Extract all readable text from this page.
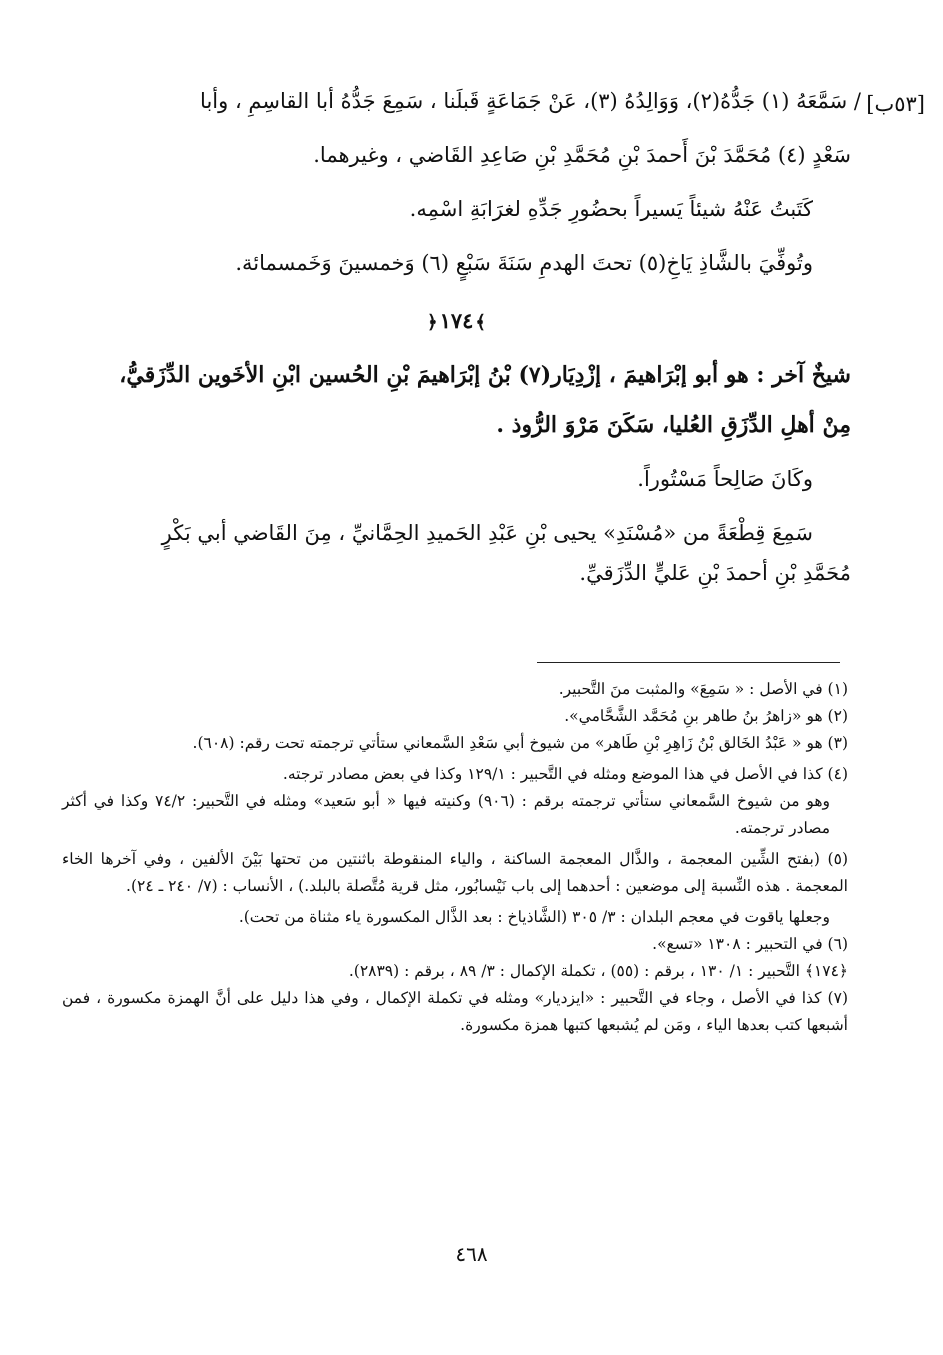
[٥٣ب]

/ سَمَّعَهُ (١) جَدُّهُ(٢)، وَوَالِدُهُ (٣)، عَنْ جَمَاعَةٍ قَبلَنا ، سَمِعَ جَدُّهُ أبا القاسِمِ ، وأبا

سَعْدٍ (٤) مُحَمَّدَ بْنَ أَحمدَ بْنِ مُحَمَّدِ بْنِ صَاعِدِ القَاضي ، وغيرهما.

كَتَبتُ عَنْهُ شيئاً يَسيراً بحضُورِ جَدِّهِ لغرَابَةِ اسْمِه.

وتُوفِّيَ بالشَّاذِ يَاخِ(٥) تحتَ الهدمِ سَنَةَ سَبْعٍ (٦) وَخمسينَ وَخَمسمائة.

﴾١٧٤﴿

شيخٌ آخر : هو أبو إبْرَاهيمَ ، إزْدِيَار(٧) بْنُ إبْرَاهيمَ بْنِ الحُسين ابْنِ الأخَوين الدِّزَقيُّ،

مِنْ أهلِ الدِّزَقِ العُليا، سَكَنَ مَرْوَ الرُّوذ .

وكَانَ صَالِحاً مَسْتُوراً.

سَمِعَ قِطْعَةً من «مُسْنَدِ» يحيى بْنِ عَبْدِ الحَميدِ الحِمَّانيِّ ، مِنَ القَاضي أبي بَكْرٍ

مُحَمَّدِ بْنِ أحمدَ بْنِ عَليٍّ الدِّزَقيِّ.

(١) في الأصل : « سَمِعَ» والمثبت منَ التَّحبير.

(٢) هو «زاهرُ بنُ طاهر بنِ مُحَمَّد الشَّحَّامي».

(٣) هو « عَبْدُ الخَالق بْنُ زَاهِرِ بْنِ طَاهر» من شيوخ أبي سَعْدِ السَّمعاني ستأتي ترجمته تحت رقم: (٦٠٨).

(٤) كذا في الأصل في هذا الموضع ومثله في التَّحبير : ١٢٩/١ وكذا في بعض مصادر ترجته.

وهو من شيوخ السَّمعاني ستأتي ترجمته برقم : (٩٠٦) وكنيته فيها « أبو سَعيد» ومثله في التَّحبير: ٧٤/٢ وكذا في أكثر مصادر ترجمته.

(٥) (بفتح الشِّين المعجمة ، والذَّال المعجمة الساكنة ، والياء المنقوطة باثنتين من تحتها بَيْنَ الألفين ، وفي آخرها الخاء المعجمة . هذه النِّسبة إلى موضعين : أحدهما إلى باب نَيْسابُور، مثل قرية مُتَّصلة بالبلد.) ، الأنساب : (٧/ ٢٤٠ ـ ٢٤).

وجعلها ياقوت في معجم البلدان : ٣/ ٣٠٥ (الشَّاذياخ : بعد الذَّال المكسورة ياء مثناة من تحت).

(٦) في التحبير : ١٣٠٨ «تسع».

﴿١٧٤﴾ التَّحبير : ١/ ١٣٠ ، برقم : (٥٥) ، تكملة الإكمال : ٣/ ٨٩ ، برقم : (٢٨٣٩).

(٧) كذا في الأصل ، وجاء في التَّحبير : «ايزديار» ومثله في تكملة الإكمال ، وفي هذا دليل على أنَّ الهمزة مكسورة ، فمن أشبعها كتب بعدها الياء ، ومَن لم يُشبعها كتبها همزة مكسورة.

٤٦٨
